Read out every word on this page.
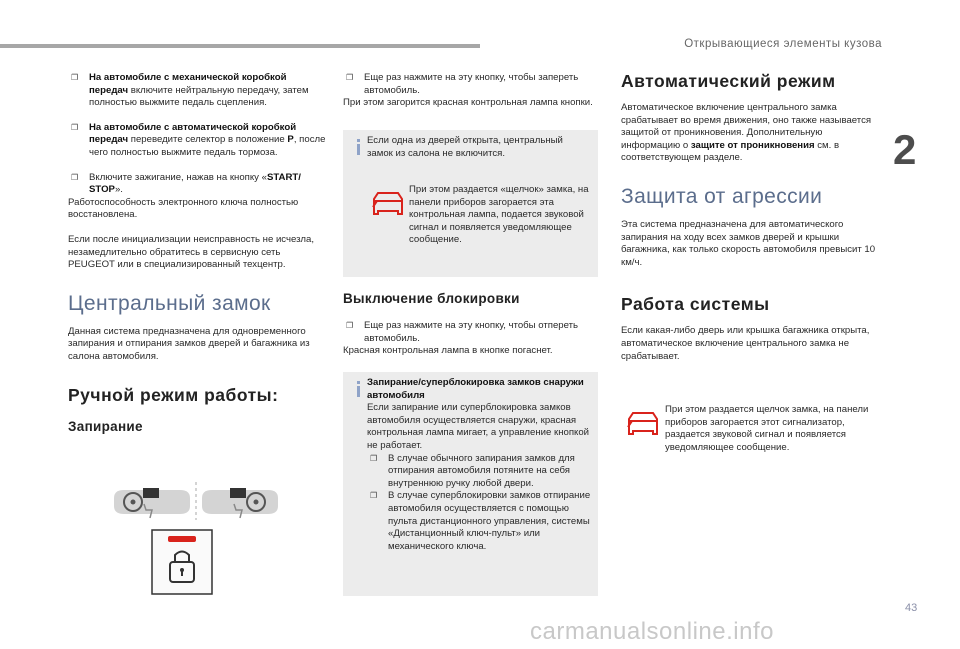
Открывающиеся элементы кузова
2

❐ На автомобиле с механической коробкой передач включите нейтральную передачу, затем полностью выжмите педаль сцепления.

❐ На автомобиле с автоматической коробкой передач переведите селектор в положение P, после чего полностью выжмите педаль тормоза.

❐ Включите зажигание, нажав на кнопку «START/ STOP».

Работоспособность электронного ключа полностью восстановлена.

Если после инициализации неисправность не исчезла, незамедлительно обратитесь в сервисную сеть PEUGEOT или в специализированный техцентр.

Центральный замок

Данная система предназначена для одновременного запирания и отпирания замков дверей и багажника из салона автомобиля.

Ручной режим работы:
Запирание

❐ Еще раз нажмите на эту кнопку, чтобы запереть автомобиль.

При этом загорится красная контрольная лампа кнопки.

Если одна из дверей открыта, центральный замок из салона не включится.
При этом раздается «щелчок» замка, на панели приборов загорается эта контрольная лампа, подается звуковой сигнал и появляется уведомляющее сообщение.
Выключение блокировки

❐ Еще раз нажмите на эту кнопку, чтобы отпереть автомобиль.

Красная контрольная лампа в кнопке погаснет.

Запирание/суперблокировка замков снаружи автомобиля

Если запирание или суперблокировка замков автомобиля осуществляется снаружи, красная контрольная лампа мигает, а управление кнопкой не работает.

❐ В случае обычного запирания замков для отпирания автомобиля потяните на себя внутреннюю ручку любой двери.

❐ В случае суперблокировки замков отпирание автомобиля осуществляется с помощью пульта дистанционного управления, системы «Дистанционный ключ-пульт» или механического ключа.

Автоматический режим

Автоматическое включение центрального замка срабатывает во время движения, оно также называется защитой от проникновения. Дополнительную информацию о защите от проникновения см. в соответствующем разделе.

Защита от агрессии

Эта система предназначена для автоматического запирания на ходу всех замков дверей и крышки багажника, как только скорость автомобиля превысит 10 км/ч.

Работа системы

Если какая-либо дверь или крышка багажника открыта, автоматическое включение центрального замка не срабатывает.

При этом раздается щелчок замка, на панели приборов загорается этот сигнализатор, раздается звуковой сигнал и появляется уведомляющее сообщение.
43
carmanualsonline.info
